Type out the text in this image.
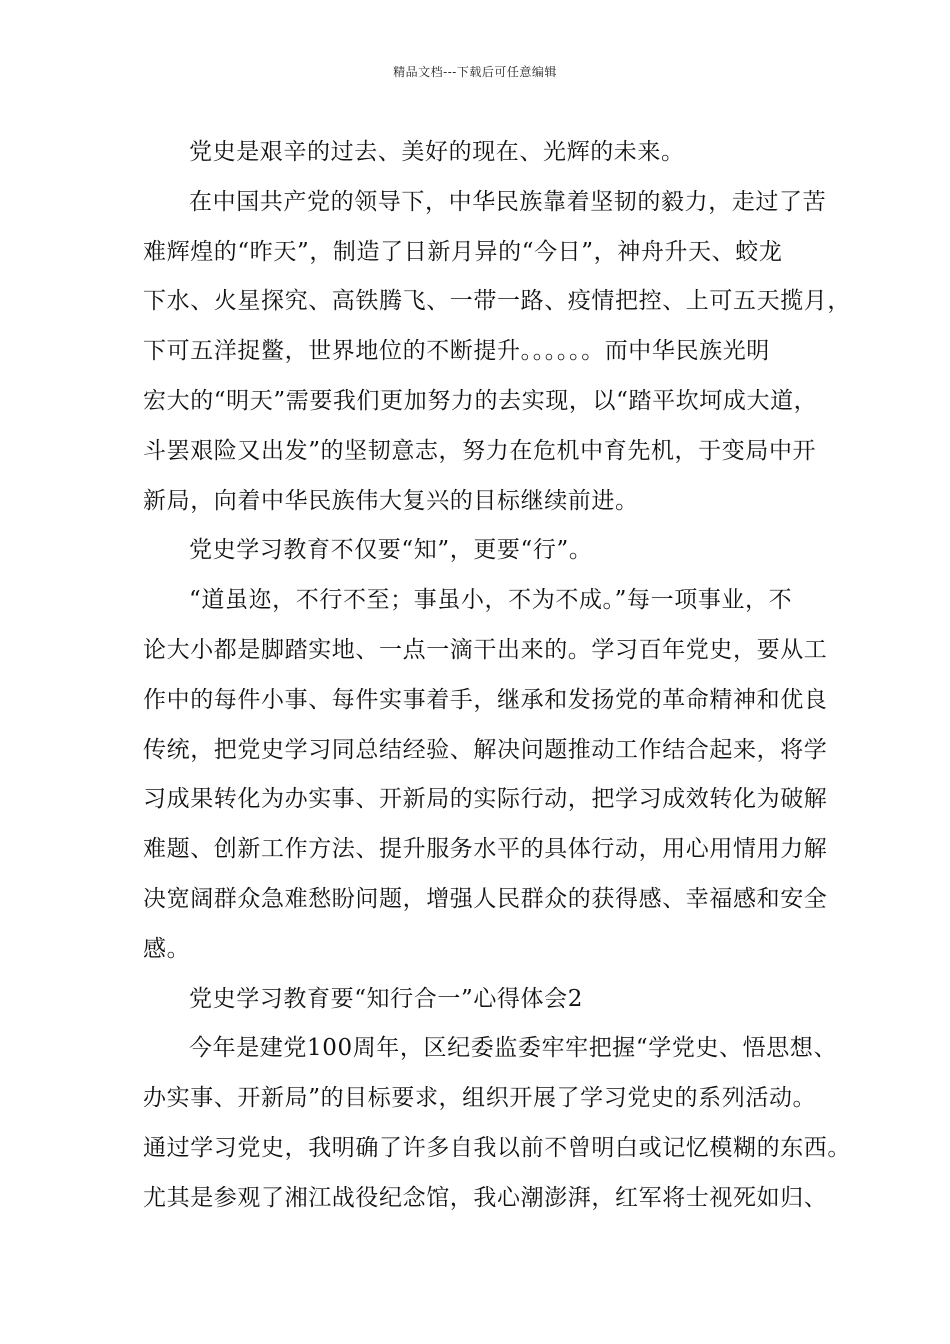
精品文档---下载后可任意编辑
党史是艰辛的过去、美好的现在、光辉的未来。
在中国共产党的领导下，中华民族靠着坚韧的毅力，走过了苦
难辉煌的“昨天”，制造了日新月异的“今日”，神舟升天、蛟龙
下水、火星探究、高铁腾飞、一带一路、疫情把控、上可五天揽月，
下可五洋捉鳖，世界地位的不断提升。。。。。。而中华民族光明
宏大的“明天”需要我们更加努力的去实现，以“踏平坎坷成大道，
斗罢艰险又出发”的坚韧意志，努力在危机中育先机，于变局中开
新局，向着中华民族伟大复兴的目标继续前进。
党史学习教育不仅要“知”，更要“行”。
“道虽迩，不行不至；事虽小，不为不成。”每一项事业，不
论大小都是脚踏实地、一点一滴干出来的。学习百年党史，要从工
作中的每件小事、每件实事着手，继承和发扬党的革命精神和优良
传统，把党史学习同总结经验、解决问题推动工作结合起来，将学
习成果转化为办实事、开新局的实际行动，把学习成效转化为破解
难题、创新工作方法、提升服务水平的具体行动，用心用情用力解
决宽阔群众急难愁盼问题，增强人民群众的获得感、幸福感和安全
感。
党史学习教育要“知行合一”心得体会2
今年是建党100周年，区纪委监委牢牢把握“学党史、悟思想、
办实事、开新局”的目标要求，组织开展了学习党史的系列活动。
通过学习党史，我明确了许多自我以前不曾明白或记忆模糊的东西。
尤其是参观了湘江战役纪念馆，我心潮澎湃，红军将士视死如归、
